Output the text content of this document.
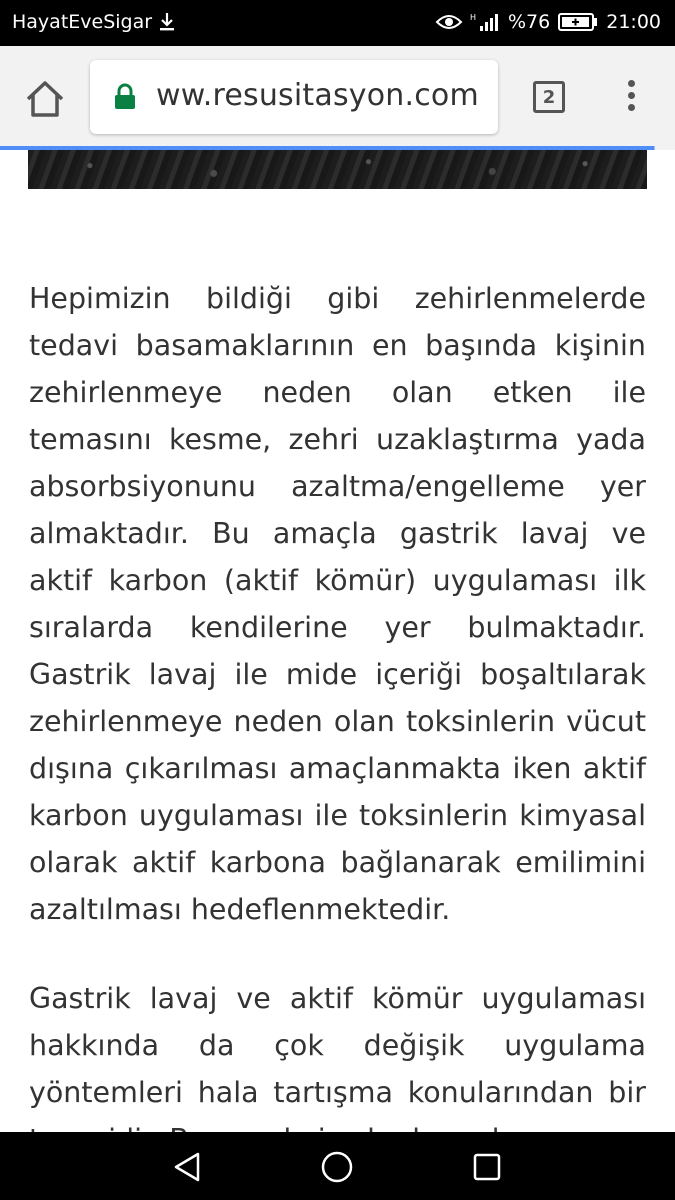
HayatEveSigar	H %76	21:00
ww.resusitasyon.com	2

Hepimizin bildiği gibi zehirlenmelerde tedavi basamaklarının en başında kişinin zehirlenmeye neden olan etken ile temasını kesme, zehri uzaklaştırma yada absorbsiyonunu azaltma/engelleme yer almaktadır. Bu amaçla gastrik lavaj ve aktif karbon (aktif kömür) uygulaması ilk sıralarda kendilerine yer bulmaktadır. Gastrik lavaj ile mide içeriği boşaltılarak zehirlenmeye neden olan toksinlerin vücut dışına çıkarılması amaçlanmakta iken aktif karbon uygulaması ile toksinlerin kimyasal olarak aktif karbona bağlanarak emilimini azaltılması hedeflenmektedir.

Gastrik lavaj ve aktif kömür uygulaması hakkında da çok değişik uygulama yöntemleri hala tartışma konularından bir
